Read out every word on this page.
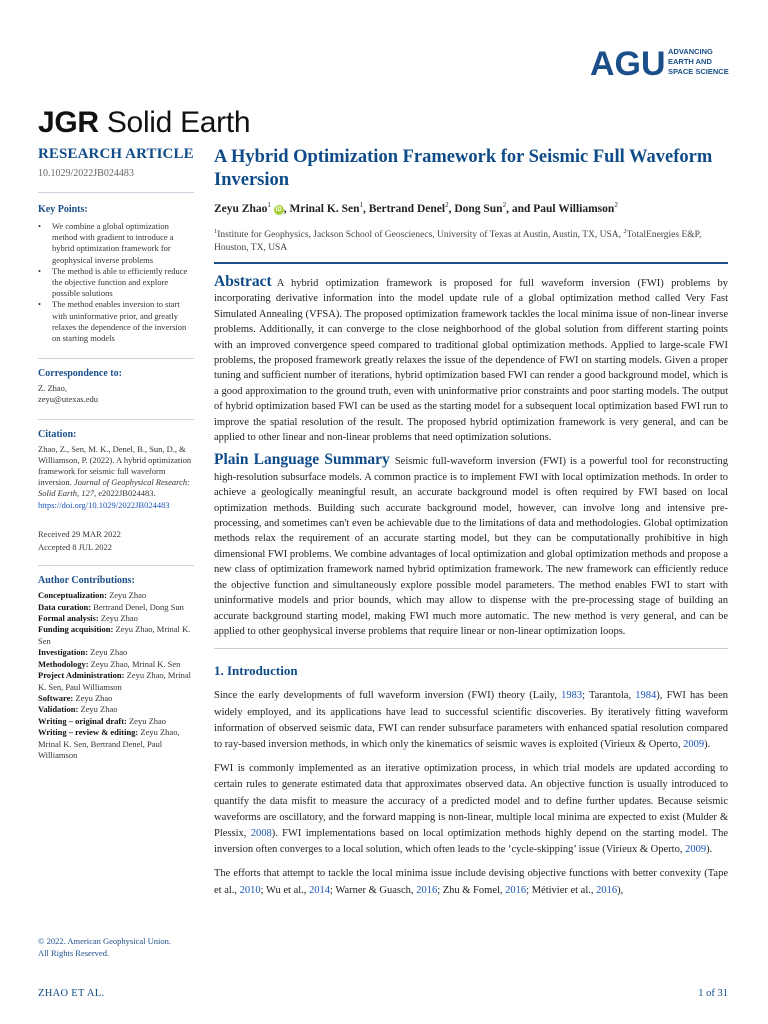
AGU ADVANCING
EARTH AND
SPACE SCIENCE
JGR Solid Earth
RESEARCH ARTICLE
10.1029/2022JB024483
Key Points:
• We combine a global optimization method with gradient to introduce a hybrid optimization framework for geophysical inverse problems
• The method is able to efficiently reduce the objective function and explore possible solutions
• The method enables inversion to start with uninformative prior, and greatly relaxes the dependence of the inversion on starting models
Correspondence to:
Z. Zhao,
zeyu@utexas.edu
Citation:
Zhao, Z., Sen, M. K., Denel, B., Sun, D., & Williamson, P. (2022). A hybrid optimization framework for seismic full waveform inversion. Journal of Geophysical Research: Solid Earth, 127, e2022JB024483. https://doi.org/10.1029/2022JB024483
Received 29 MAR 2022
Accepted 8 JUL 2022
Author Contributions:

Conceptualization: Zeyu Zhao

Data curation: Bertrand Denel, Dong Sun

Formal analysis: Zeyu Zhao

Funding acquisition: Zeyu Zhao, Mrinal K. Sen

Investigation: Zeyu Zhao

Methodology: Zeyu Zhao, Mrinal K. Sen

Project Administration: Zeyu Zhao, Mrinal K. Sen, Paul Williamson

Software: Zeyu Zhao

Validation: Zeyu Zhao

Writing – original draft: Zeyu Zhao

Writing – review & editing: Zeyu Zhao, Mrinal K. Sen, Bertrand Denel, Paul Williamson

© 2022. American Geophysical Union.
All Rights Reserved.
A Hybrid Optimization Framework for Seismic Full Waveform Inversion
Zeyu Zhao$^1$ iD , Mrinal K. Sen$^1$, Bertrand Denel$^2$, Dong Sun$^2$, and Paul Williamson$^2$
$^1$Institute for Geophysics, Jackson School of Geoscienecs, University of Texas at Austin, Austin, TX, USA, $^2$TotalEnergies E&P, Houston, TX, USA

Abstract A hybrid optimization framework is proposed for full waveform inversion (FWI) problems by incorporating derivative information into the model update rule of a global optimization method called Very Fast Simulated Annealing (VFSA). The proposed optimization framework tackles the local minima issue of non-linear inverse problems. Additionally, it can converge to the close neighborhood of the global solution from different starting points with an improved convergence speed compared to traditional global optimization methods. Applied to large-scale FWI problems, the proposed framework greatly relaxes the issue of the dependence of FWI on starting models. Given a proper tuning and sufficient number of iterations, hybrid optimization based FWI can render a good background model, which is a good approximation to the ground truth, even with uninformative prior constraints and poor starting models. The output of hybrid optimization based FWI can be used as the starting model for a subsequent local optimization based FWI run to improve the spatial resolution of the result. The proposed hybrid optimization framework is very general, and can be applied to other linear and non-linear problems that need optimization solutions.

Plain Language Summary Seismic full-waveform inversion (FWI) is a powerful tool for reconstructing high-resolution subsurface models. A common practice is to implement FWI with local optimization methods. In order to achieve a geologically meaningful result, an accurate background model is often required by FWI based on local optimization methods. Building such accurate background model, however, can involve long and intensive pre-processing, and sometimes can't even be achievable due to the limitations of data and methodologies. Global optimization methods relax the requirement of an accurate starting model, but they can be computationally prohibitive in high dimensional FWI problems. We combine advantages of local optimization and global optimization methods and propose a new class of optimization framework named hybrid optimization framework. The new framework can efficiently reduce the objective function and simultaneously explore possible model parameters. The method enables FWI to start with uninformative models and prior bounds, which may allow to dispense with the pre-processing stage of building an accurate background starting model, making FWI much more automatic. The new method is very general, and can be applied to other geophysical inverse problems that require linear or non-linear optimization loops.

1. Introduction

Since the early developments of full waveform inversion (FWI) theory (Laily, 1983; Tarantola, 1984), FWI has been widely employed, and its applications have lead to successful scientific discoveries. By iteratively fitting waveform information of observed seismic data, FWI can render subsurface parameters with enhanced spatial resolution compared to ray-based inversion methods, in which only the kinematics of seismic waves is exploited (Virieux & Operto, 2009).

FWI is commonly implemented as an iterative optimization process, in which trial models are updated according to certain rules to generate estimated data that approximates observed data. An objective function is usually introduced to quantify the data misfit to measure the accuracy of a predicted model and to define further updates. Because seismic waveforms are oscillatory, and the forward mapping is non-linear, multiple local minima are expected to exist (Mulder & Plessix, 2008). FWI implementations based on local optimization methods highly depend on the starting model. The inversion often converges to a local solution, which often leads to the ‘cycle-skipping’ issue (Virieux & Operto, 2009).

The efforts that attempt to tackle the local minima issue include devising objective functions with better convexity (Tape et al., 2010; Wu et al., 2014; Warner & Guasch, 2016; Zhu & Fomel, 2016; Métivier et al., 2016),

ZHAO ET AL.	1 of 31
